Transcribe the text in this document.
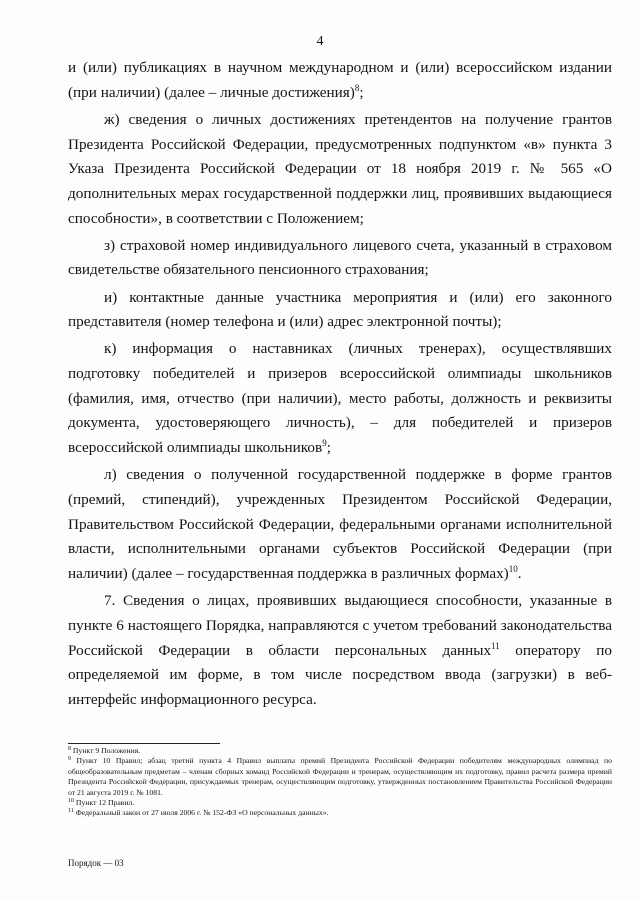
4

и (или) публикациях в научном международном и (или) всероссийском издании (при наличии) (далее – личные достижения)$^8$;

ж) сведения о личных достижениях претендентов на получение грантов Президента Российской Федерации, предусмотренных подпунктом «в» пункта 3 Указа Президента Российской Федерации от 18 ноября 2019 г. № 565 «О дополнительных мерах государственной поддержки лиц, проявивших выдающиеся способности», в соответствии с Положением;

з) страховой номер индивидуального лицевого счета, указанный в страховом свидетельстве обязательного пенсионного страхования;

и) контактные данные участника мероприятия и (или) его законного представителя (номер телефона и (или) адрес электронной почты);

к) информация о наставниках (личных тренерах), осуществлявших подготовку победителей и призеров всероссийской олимпиады школьников (фамилия, имя, отчество (при наличии), место работы, должность и реквизиты документа, удостоверяющего личность), – для победителей и призеров всероссийской олимпиады школьников$^9$;

л) сведения о полученной государственной поддержке в форме грантов (премий, стипендий), учрежденных Президентом Российской Федерации, Правительством Российской Федерации, федеральными органами исполнительной власти, исполнительными органами субъектов Российской Федерации (при наличии) (далее – государственная поддержка в различных формах)$^{10}$.

7. Сведения о лицах, проявивших выдающиеся способности, указанные в пункте 6 настоящего Порядка, направляются с учетом требований законодательства Российской Федерации в области персональных данных$^{11}$ оператору по определяемой им форме, в том числе посредством ввода (загрузки) в веб-интерфейс информационного ресурса.

$^8$ Пункт 9 Положения.

$^9$ Пункт 10 Правил; абзац третий пункта 4 Правил выплаты премий Президента Российской Федерации победителям международных олимпиад по общеобразовательным предметам – членам сборных команд Российской Федерации и тренерам, осуществляющим их подготовку, правил расчета размера премий Президента Российской Федерации, присуждаемых тренерам, осуществляющим подготовку, утвержденных постановлением Правительства Российской Федерации от 21 августа 2019 г. № 1081.

$^{10}$ Пункт 12 Правил.

$^{11}$ Федеральный закон от 27 июля 2006 г. № 152-ФЗ «О персональных данных».

Порядок — 03
